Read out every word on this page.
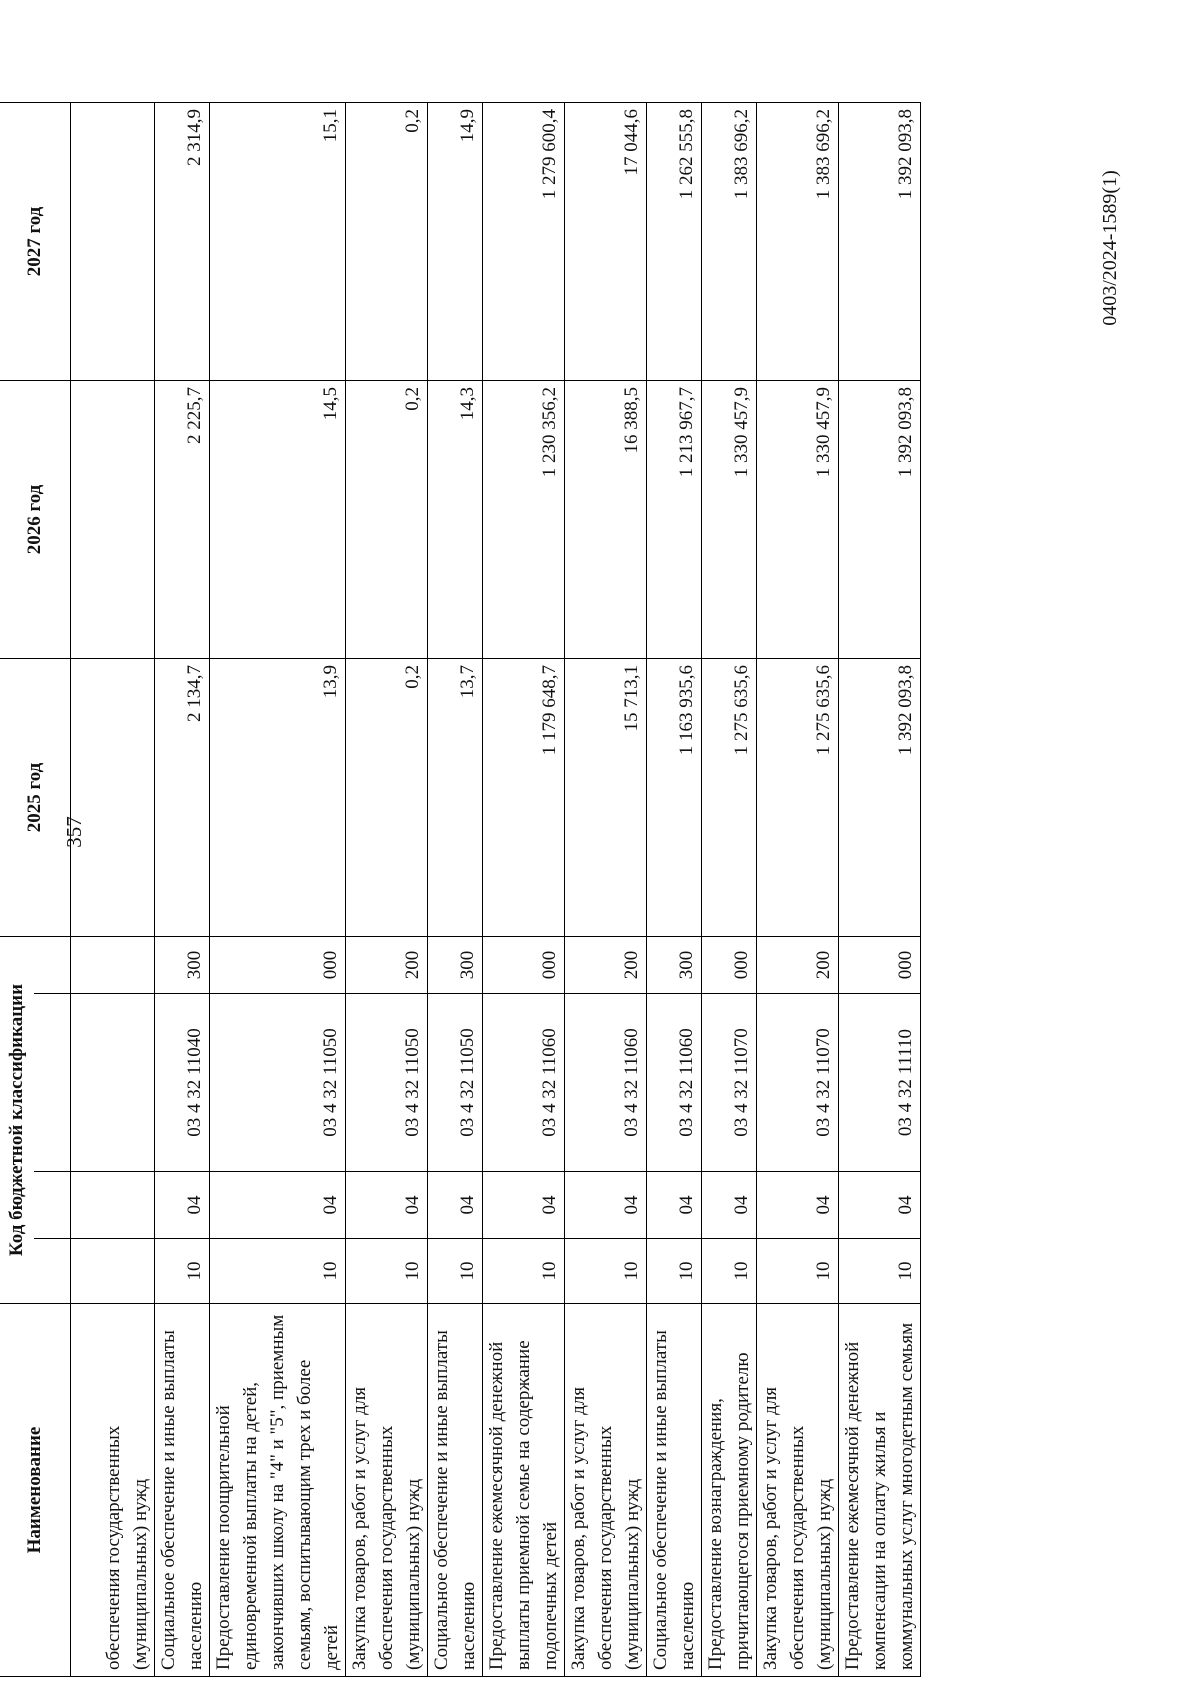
357
Наименование	Код бюджетной классификации				2025 год	2026 год	2027 год

обеспечения государственных (муниципальных) нужд							
Социальное обеспечение и иные выплаты населению	10	04	03 4 32 11040	300	2 134,7	2 225,7	2 314,9
Предоставление поощрительной единовременной выплаты на детей, закончивших школу на "4" и "5", приемным семьям, воспитывающим трех и более детей	10	04	03 4 32 11050	000	13,9	14,5	15,1
Закупка товаров, работ и услуг для обеспечения государственных (муниципальных) нужд	10	04	03 4 32 11050	200	0,2	0,2	0,2
Социальное обеспечение и иные выплаты населению	10	04	03 4 32 11050	300	13,7	14,3	14,9
Предоставление ежемесячной денежной выплаты приемной семье на содержание подопечных детей	10	04	03 4 32 11060	000	1 179 648,7	1 230 356,2	1 279 600,4
Закупка товаров, работ и услуг для обеспечения государственных (муниципальных) нужд	10	04	03 4 32 11060	200	15 713,1	16 388,5	17 044,6
Социальное обеспечение и иные выплаты населению	10	04	03 4 32 11060	300	1 163 935,6	1 213 967,7	1 262 555,8
Предоставление вознаграждения, причитающегося приемному родителю	10	04	03 4 32 11070	000	1 275 635,6	1 330 457,9	1 383 696,2
Закупка товаров, работ и услуг для обеспечения государственных (муниципальных) нужд	10	04	03 4 32 11070	200	1 275 635,6	1 330 457,9	1 383 696,2
Предоставление ежемесячной денежной компенсации на оплату жилья и коммунальных услуг многодетным семьям	10	04	03 4 32 11110	000	1 392 093,8	1 392 093,8	1 392 093,8
0403/2024-1589(1)
